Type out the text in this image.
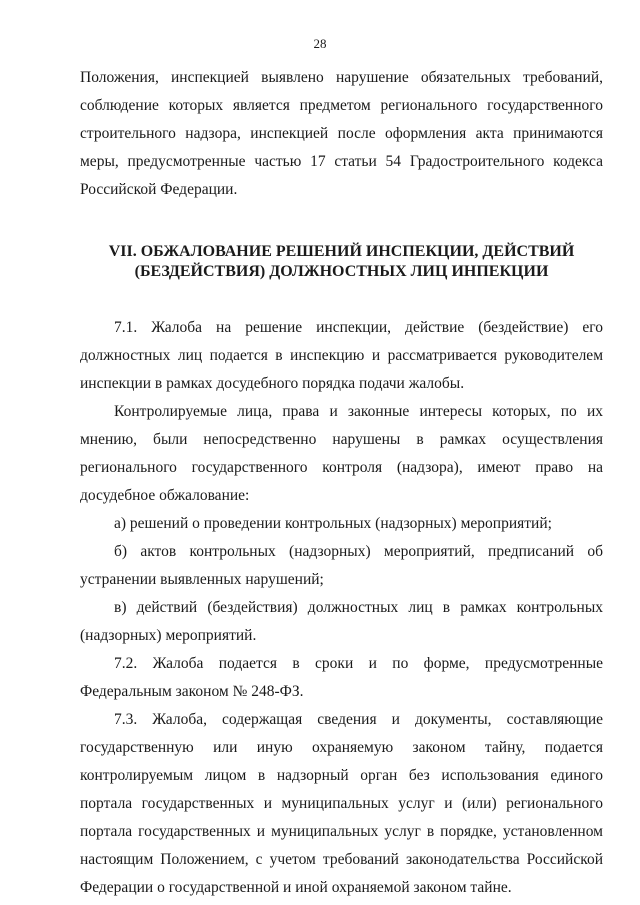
28

Положения, инспекцией выявлено нарушение обязательных требований, соблюдение которых является предметом регионального государственного строительного надзора, инспекцией после оформления акта принимаются меры, предусмотренные частью 17 статьи 54 Градостроительного кодекса Российской Федерации.

VII. ОБЖАЛОВАНИЕ РЕШЕНИЙ ИНСПЕКЦИИ, ДЕЙСТВИЙ
(БЕЗДЕЙСТВИЯ) ДОЛЖНОСТНЫХ ЛИЦ ИНПЕКЦИИ

7.1. Жалоба на решение инспекции, действие (бездействие) его должностных лиц подается в инспекцию и рассматривается руководителем инспекции в рамках досудебного порядка подачи жалобы.

Контролируемые лица, права и законные интересы которых, по их мнению, были непосредственно нарушены в рамках осуществления регионального государственного контроля (надзора), имеют право на досудебное обжалование:

а) решений о проведении контрольных (надзорных) мероприятий;

б) актов контрольных (надзорных) мероприятий, предписаний об устранении выявленных нарушений;

в) действий (бездействия) должностных лиц в рамках контрольных (надзорных) мероприятий.

7.2. Жалоба подается в сроки и по форме, предусмотренные Федеральным законом № 248-ФЗ.

7.3. Жалоба, содержащая сведения и документы, составляющие государственную или иную охраняемую законом тайну, подается контролируемым лицом в надзорный орган без использования единого портала государственных и муниципальных услуг и (или) регионального портала государственных и муниципальных услуг в порядке, установленном настоящим Положением, с учетом требований законодательства Российской Федерации о государственной и иной охраняемой законом тайне.
